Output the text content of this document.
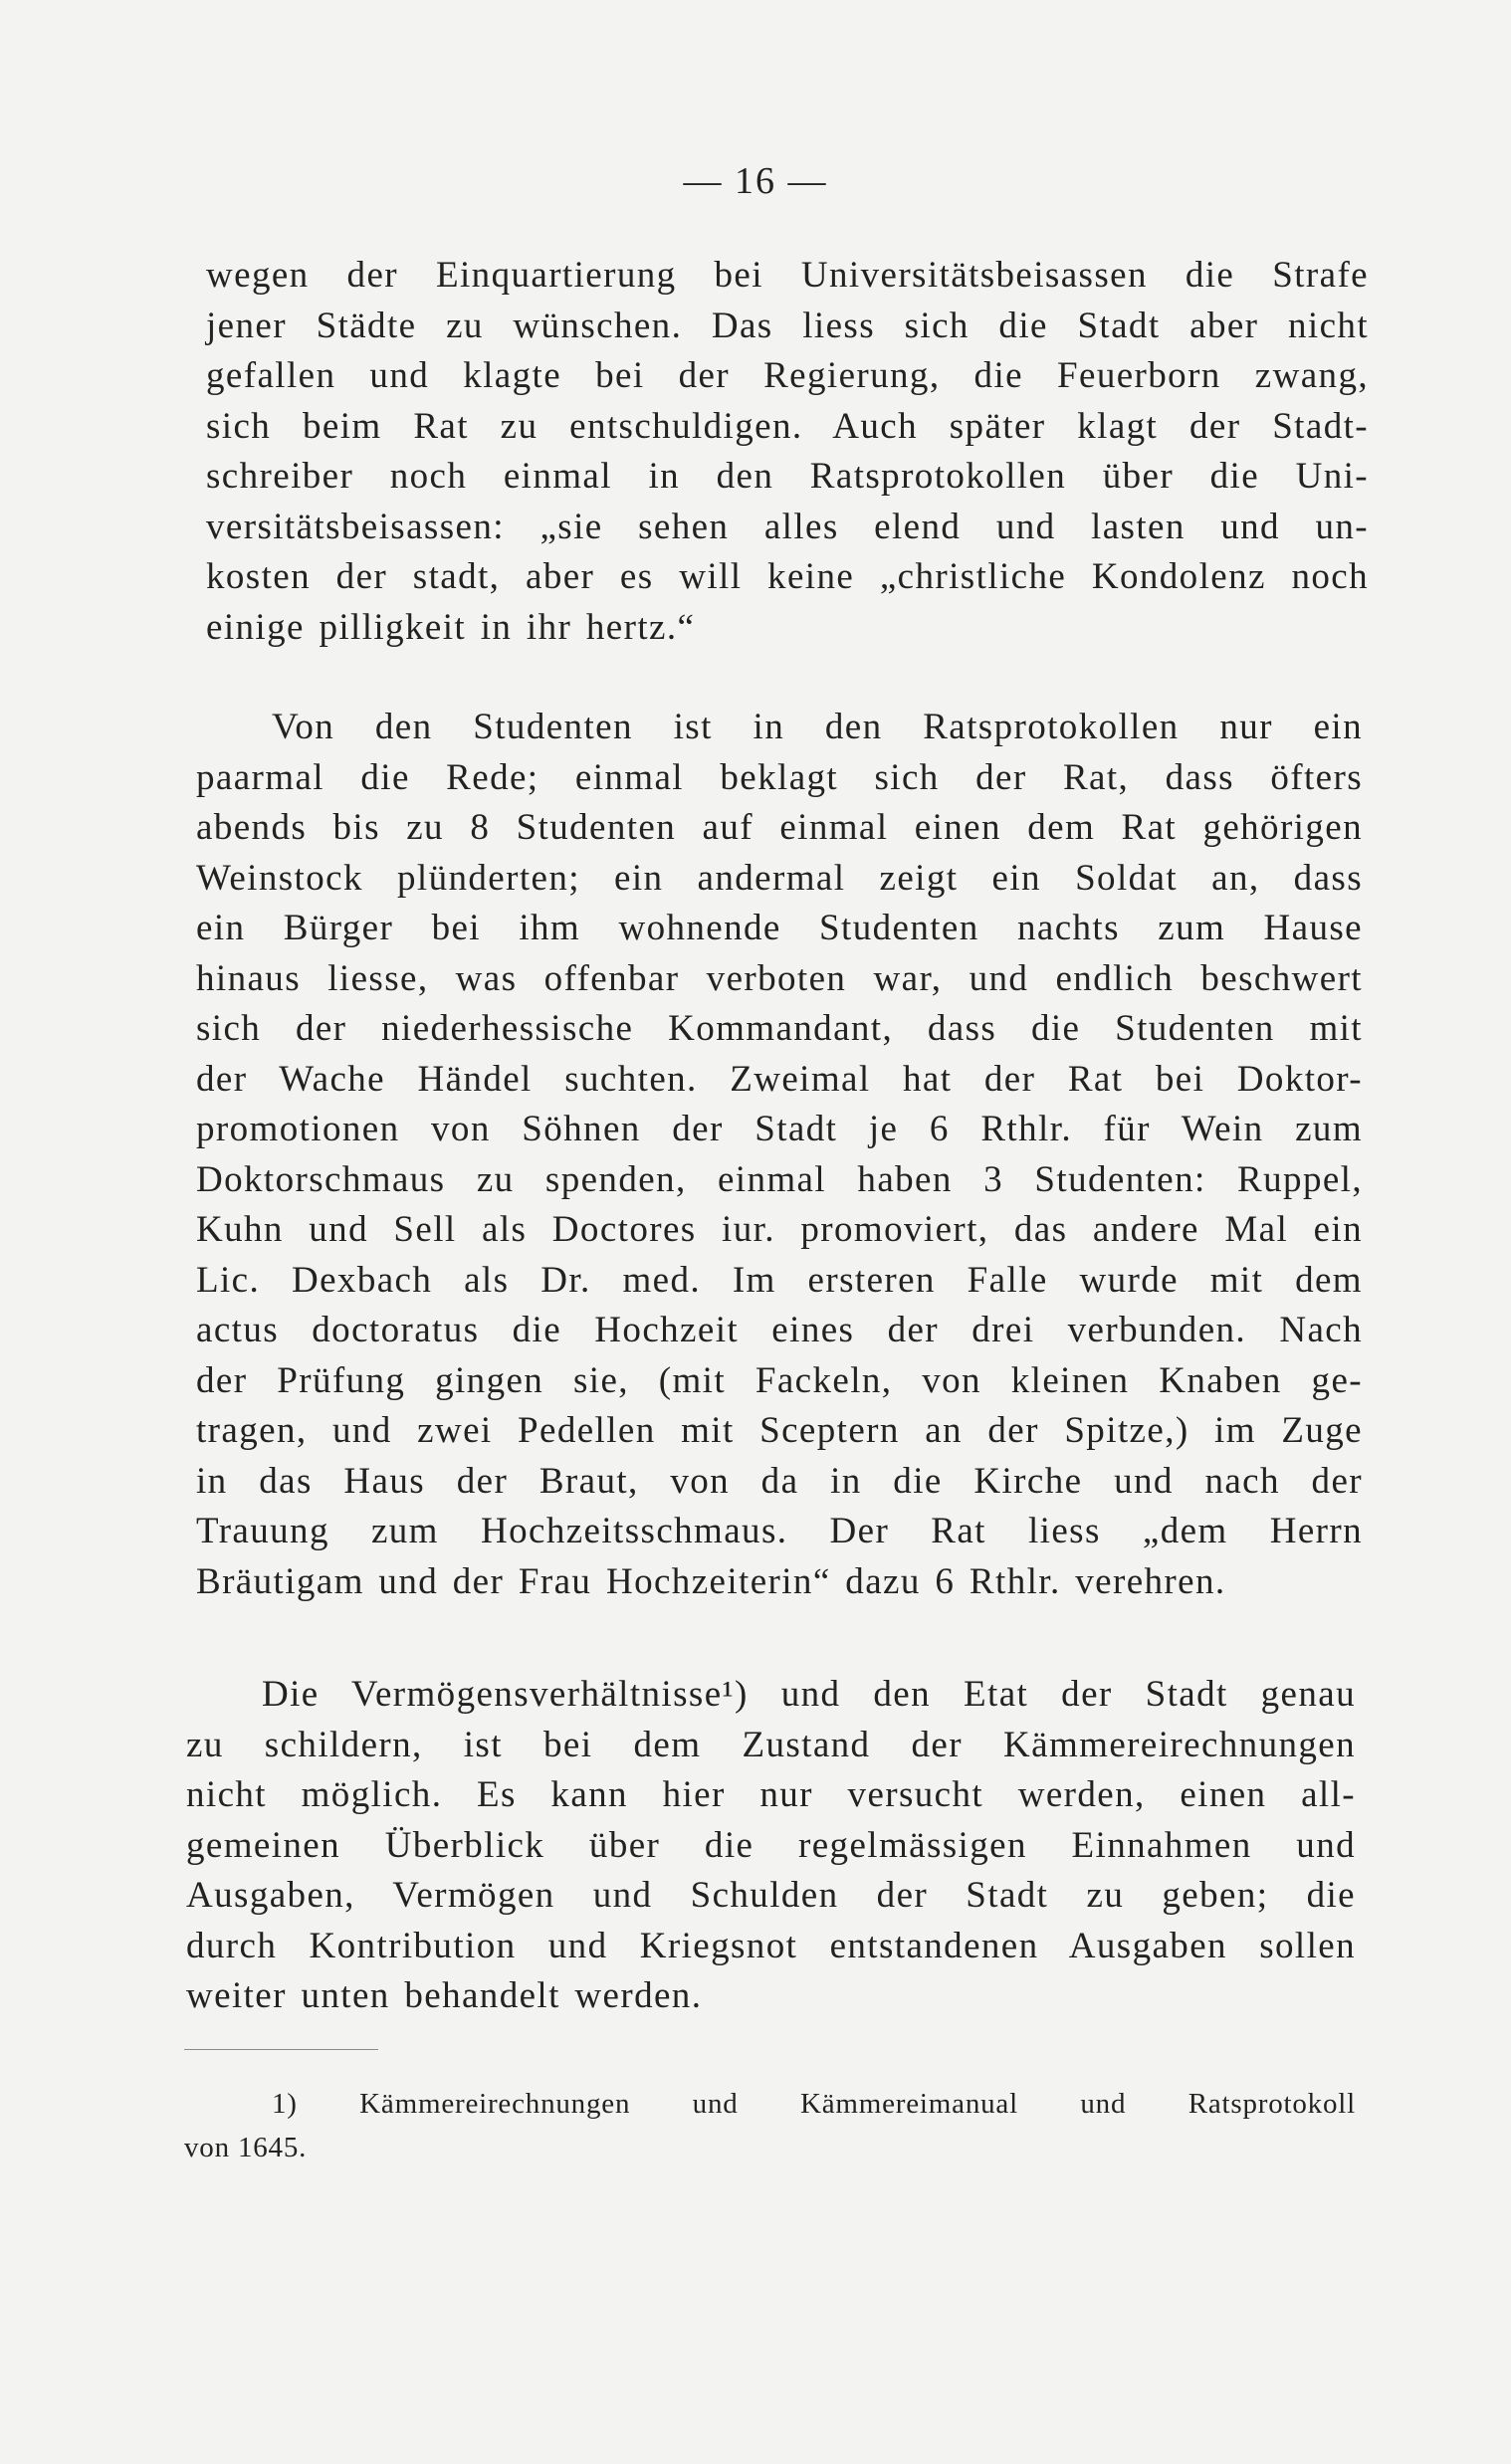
— 16 —
wegen der Einquartierung bei Universitätsbeisassen die Strafe
jener Städte zu wünschen. Das liess sich die Stadt aber nicht
gefallen und klagte bei der Regierung, die Feuerborn zwang,
sich beim Rat zu entschuldigen. Auch später klagt der Stadt-
schreiber noch einmal in den Ratsprotokollen über die Uni-
versitätsbeisassen: „sie sehen alles elend und lasten und un-
kosten der stadt, aber es will keine „christliche Kondolenz noch
einige pilligkeit in ihr hertz.“
Von den Studenten ist in den Ratsprotokollen nur ein
paarmal die Rede; einmal beklagt sich der Rat, dass öfters
abends bis zu 8 Studenten auf einmal einen dem Rat gehörigen
Weinstock plünderten; ein andermal zeigt ein Soldat an, dass
ein Bürger bei ihm wohnende Studenten nachts zum Hause
hinaus liesse, was offenbar verboten war, und endlich beschwert
sich der niederhessische Kommandant, dass die Studenten mit
der Wache Händel suchten. Zweimal hat der Rat bei Doktor-
promotionen von Söhnen der Stadt je 6 Rthlr. für Wein zum
Doktorschmaus zu spenden, einmal haben 3 Studenten: Ruppel,
Kuhn und Sell als Doctores iur. promoviert, das andere Mal ein
Lic. Dexbach als Dr. med. Im ersteren Falle wurde mit dem
actus doctoratus die Hochzeit eines der drei verbunden. Nach
der Prüfung gingen sie, (mit Fackeln, von kleinen Knaben ge-
tragen, und zwei Pedellen mit Sceptern an der Spitze,) im Zuge
in das Haus der Braut, von da in die Kirche und nach der
Trauung zum Hochzeitsschmaus. Der Rat liess „dem Herrn
Bräutigam und der Frau Hochzeiterin“ dazu 6 Rthlr. verehren.
Die Vermögensverhältnisse¹) und den Etat der Stadt genau
zu schildern, ist bei dem Zustand der Kämmereirechnungen
nicht möglich. Es kann hier nur versucht werden, einen all-
gemeinen Überblick über die regelmässigen Einnahmen und
Ausgaben, Vermögen und Schulden der Stadt zu geben; die
durch Kontribution und Kriegsnot entstandenen Ausgaben sollen
weiter unten behandelt werden.
1) Kämmereirechnungen und Kämmereimanual und Ratsprotokoll
von 1645.
